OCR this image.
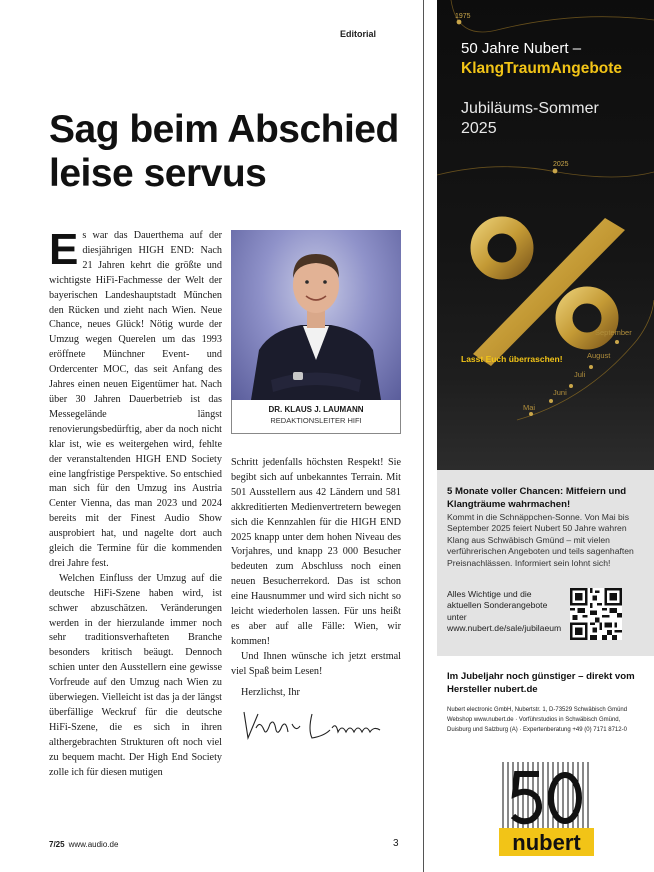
Editorial
Sag beim Abschied
leise servus

Es war das Dauerthema auf der diesjährigen HIGH END: Nach 21 Jahren kehrt die größte und wichtigste HiFi-Fachmesse der Welt der bayerischen Landeshauptstadt München den Rücken und zieht nach Wien. Neue Chance, neues Glück! Nötig wurde der Umzug wegen Querelen um das 1993 eröffnete Münchner Event- und Ordercenter MOC, das seit Anfang des Jahres einen neuen Eigentümer hat. Nach über 30 Jahren Dauerbetrieb ist das Messegelände längst renovierungsbedürftig, aber da noch nicht klar ist, wie es weitergehen wird, fehlte der veranstaltenden HIGH END Society eine langfristige Perspektive. So entschied man sich für den Umzug ins Austria Center Vienna, das man 2023 und 2024 bereits mit der Finest Audio Show ausprobiert hat, und nagelte dort auch gleich die Termine für die kommenden drei Jahre fest.

Welchen Einfluss der Umzug auf die deutsche HiFi-Szene haben wird, ist schwer abzuschätzen. Veränderungen werden in der hierzulande immer noch sehr traditionsverhafteten Branche besonders kritisch beäugt. Dennoch schien unter den Ausstellern eine gewisse Vorfreude auf den Umzug nach Wien zu überwiegen. Vielleicht ist das ja der längst überfällige Weckruf für die deutsche HiFi-Szene, die es sich in ihren althergebrachten Strukturen oft noch viel zu bequem macht. Der High End Society zolle ich für diesen mutigen

DR. KLAUS J. LAUMANN
REDAKTIONSLEITER HIFI

Schritt jedenfalls höchsten Respekt! Sie begibt sich auf unbekanntes Terrain. Mit 501 Ausstellern aus 42 Ländern und 581 akkreditierten Medienvertretern bewegen sich die Kennzahlen für die HIGH END 2025 knapp unter dem hohen Niveau des Vorjahres, und knapp 23 000 Besucher bedeuten zum Abschluss noch einen neuen Besucherrekord. Das ist schon eine Hausnummer und wird sich nicht so leicht wiederholen lassen. Für uns heißt es aber auf alle Fälle: Wien, wir kommen!

Und Ihnen wünsche ich jetzt erstmal viel Spaß beim Lesen!

Herzlichst, Ihr
7/25 www.audio.de	3
1975
2025
50 Jahre Nubert –
KlangTraumAngebote
Jubiläums-Sommer
2025
September
August
Juli
Juni
Mai
Lasst Euch überraschen!
5 Monate voller Chancen: Mitfeiern und Klangträume wahrmachen!
Kommt in die Schnäppchen-Sonne. Von Mai bis September 2025 feiert Nubert 50 Jahre wahren Klang aus Schwäbisch Gmünd – mit vielen verführerischen Angeboten und teils sagenhaften Preisnachlässen. Informiert sein lohnt sich!
Alles Wichtige und die aktuellen Sonderangebote unter www.nubert.de/sale/jubilaeum
Im Jubeljahr noch günstiger – direkt vom Hersteller nubert.de
Nubert electronic GmbH, Nubertstr. 1, D-73529 Schwäbisch Gmünd
Webshop www.nubert.de · Vorführstudios in Schwäbisch Gmünd,
Duisburg und Salzburg (A) · Expertenberatung +49 (0) 7171 8712-0
nubert
